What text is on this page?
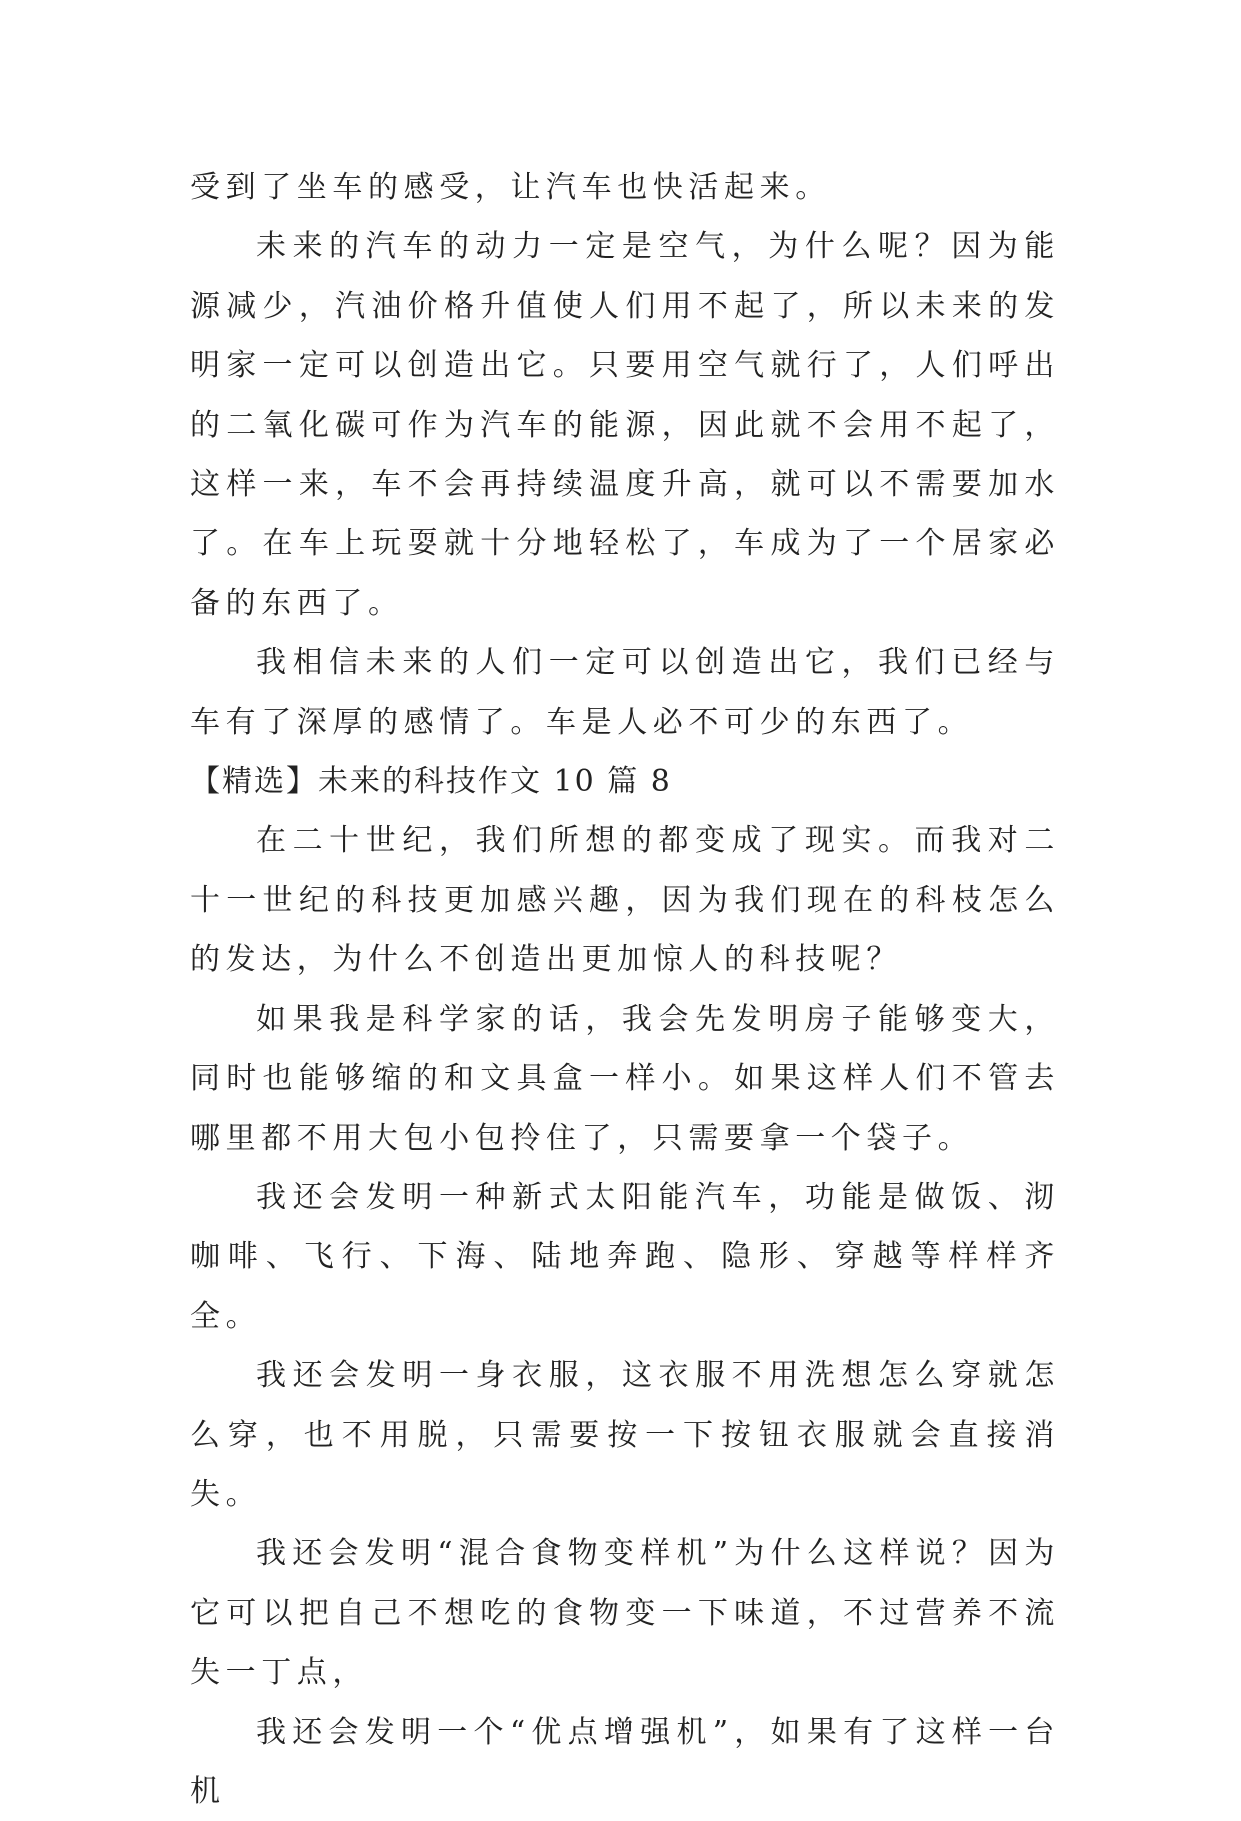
受到了坐车的感受，让汽车也快活起来。

未来的汽车的动力一定是空气，为什么呢？因为能源减少，汽油价格升值使人们用不起了，所以未来的发明家一定可以创造出它。只要用空气就行了，人们呼出的二氧化碳可作为汽车的能源，因此就不会用不起了，这样一来，车不会再持续温度升高，就可以不需要加水了。在车上玩耍就十分地轻松了，车成为了一个居家必备的东西了。

我相信未来的人们一定可以创造出它，我们已经与车有了深厚的感情了。车是人必不可少的东西了。

【精选】未来的科技作文 10 篇 8

在二十世纪，我们所想的都变成了现实。而我对二十一世纪的科技更加感兴趣，因为我们现在的科枝怎么的发达，为什么不创造出更加惊人的科技呢？

如果我是科学家的话，我会先发明房子能够变大，同时也能够缩的和文具盒一样小。如果这样人们不管去哪里都不用大包小包拎住了，只需要拿一个袋子。

我还会发明一种新式太阳能汽车，功能是做饭、沏咖啡、飞行、下海、陆地奔跑、隐形、穿越等样样齐全。

我还会发明一身衣服，这衣服不用洗想怎么穿就怎么穿，也不用脱，只需要按一下按钮衣服就会直接消失。

我还会发明“混合食物变样机”为什么这样说？因为它可以把自己不想吃的食物变一下味道，不过营养不流失一丁点，

我还会发明一个“优点增强机”，如果有了这样一台机
